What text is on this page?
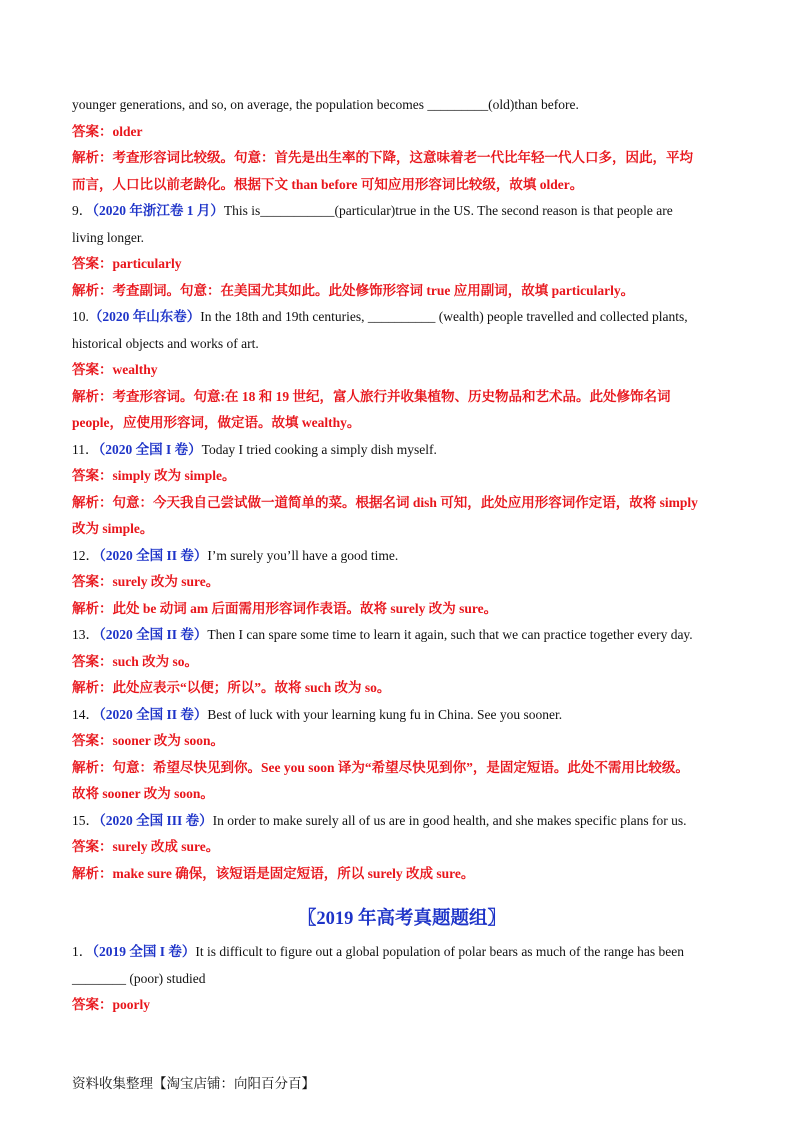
younger generations, and so, on average, the population becomes _________(old)than before.
答案：older
解析：考查形容词比较级。句意：首先是出生率的下降，这意味着老一代比年轻一代人口多，因此，平均
而言，人口比以前老龄化。根据下文 than before 可知应用形容词比较级，故填 older。
9．（2020 年浙江卷 1 月）This is___________(particular)true in the US. The second reason is that people are
living longer.
答案：particularly
解析：考查副词。句意：在美国尤其如此。此处修饰形容词 true 应用副词，故填 particularly。
10.（2020 年山东卷）In the 18th and 19th centuries, __________ (wealth) people travelled and collected plants,
historical objects and works of art.
答案：wealthy
解析：考查形容词。句意:在 18 和 19 世纪，富人旅行并收集植物、历史物品和艺术品。此处修饰名词
people，应使用形容词，做定语。故填 wealthy。
11．（2020 全国 I 卷）Today I tried cooking a simply dish myself.
答案：simply 改为 simple。
解析：句意：今天我自己尝试做一道简单的菜。根据名词 dish 可知，此处应用形容词作定语，故将 simply
改为 simple。
12．（2020 全国 II 卷）I’m surely you’ll have a good time.
答案：surely 改为 sure。
解析：此处 be 动词 am 后面需用形容词作表语。故将 surely 改为 sure。
13．（2020 全国 II 卷）Then I can spare some time to learn it again, such that we can practice together every day.
答案：such 改为 so。
解析：此处应表示“以便；所以”。故将 such 改为 so。
14．（2020 全国 II 卷）Best of luck with your learning kung fu in China. See you sooner.
答案：sooner 改为 soon。
解析：句意：希望尽快见到你。See you soon 译为“希望尽快见到你”，是固定短语。此处不需用比较级。
故将 sooner 改为 soon。
15．（2020 全国 III 卷）In order to make surely all of us are in good health, and she makes specific plans for us.
答案：surely 改成 sure。
解析：make sure 确保，该短语是固定短语，所以 surely 改成 sure。
〖2019 年高考真题题组〗
1．（2019 全国 I 卷）It is difficult to figure out a global population of polar bears as much of the range has been
________ (poor) studied
答案：poorly
资料收集整理【淘宝店铺：向阳百分百】
